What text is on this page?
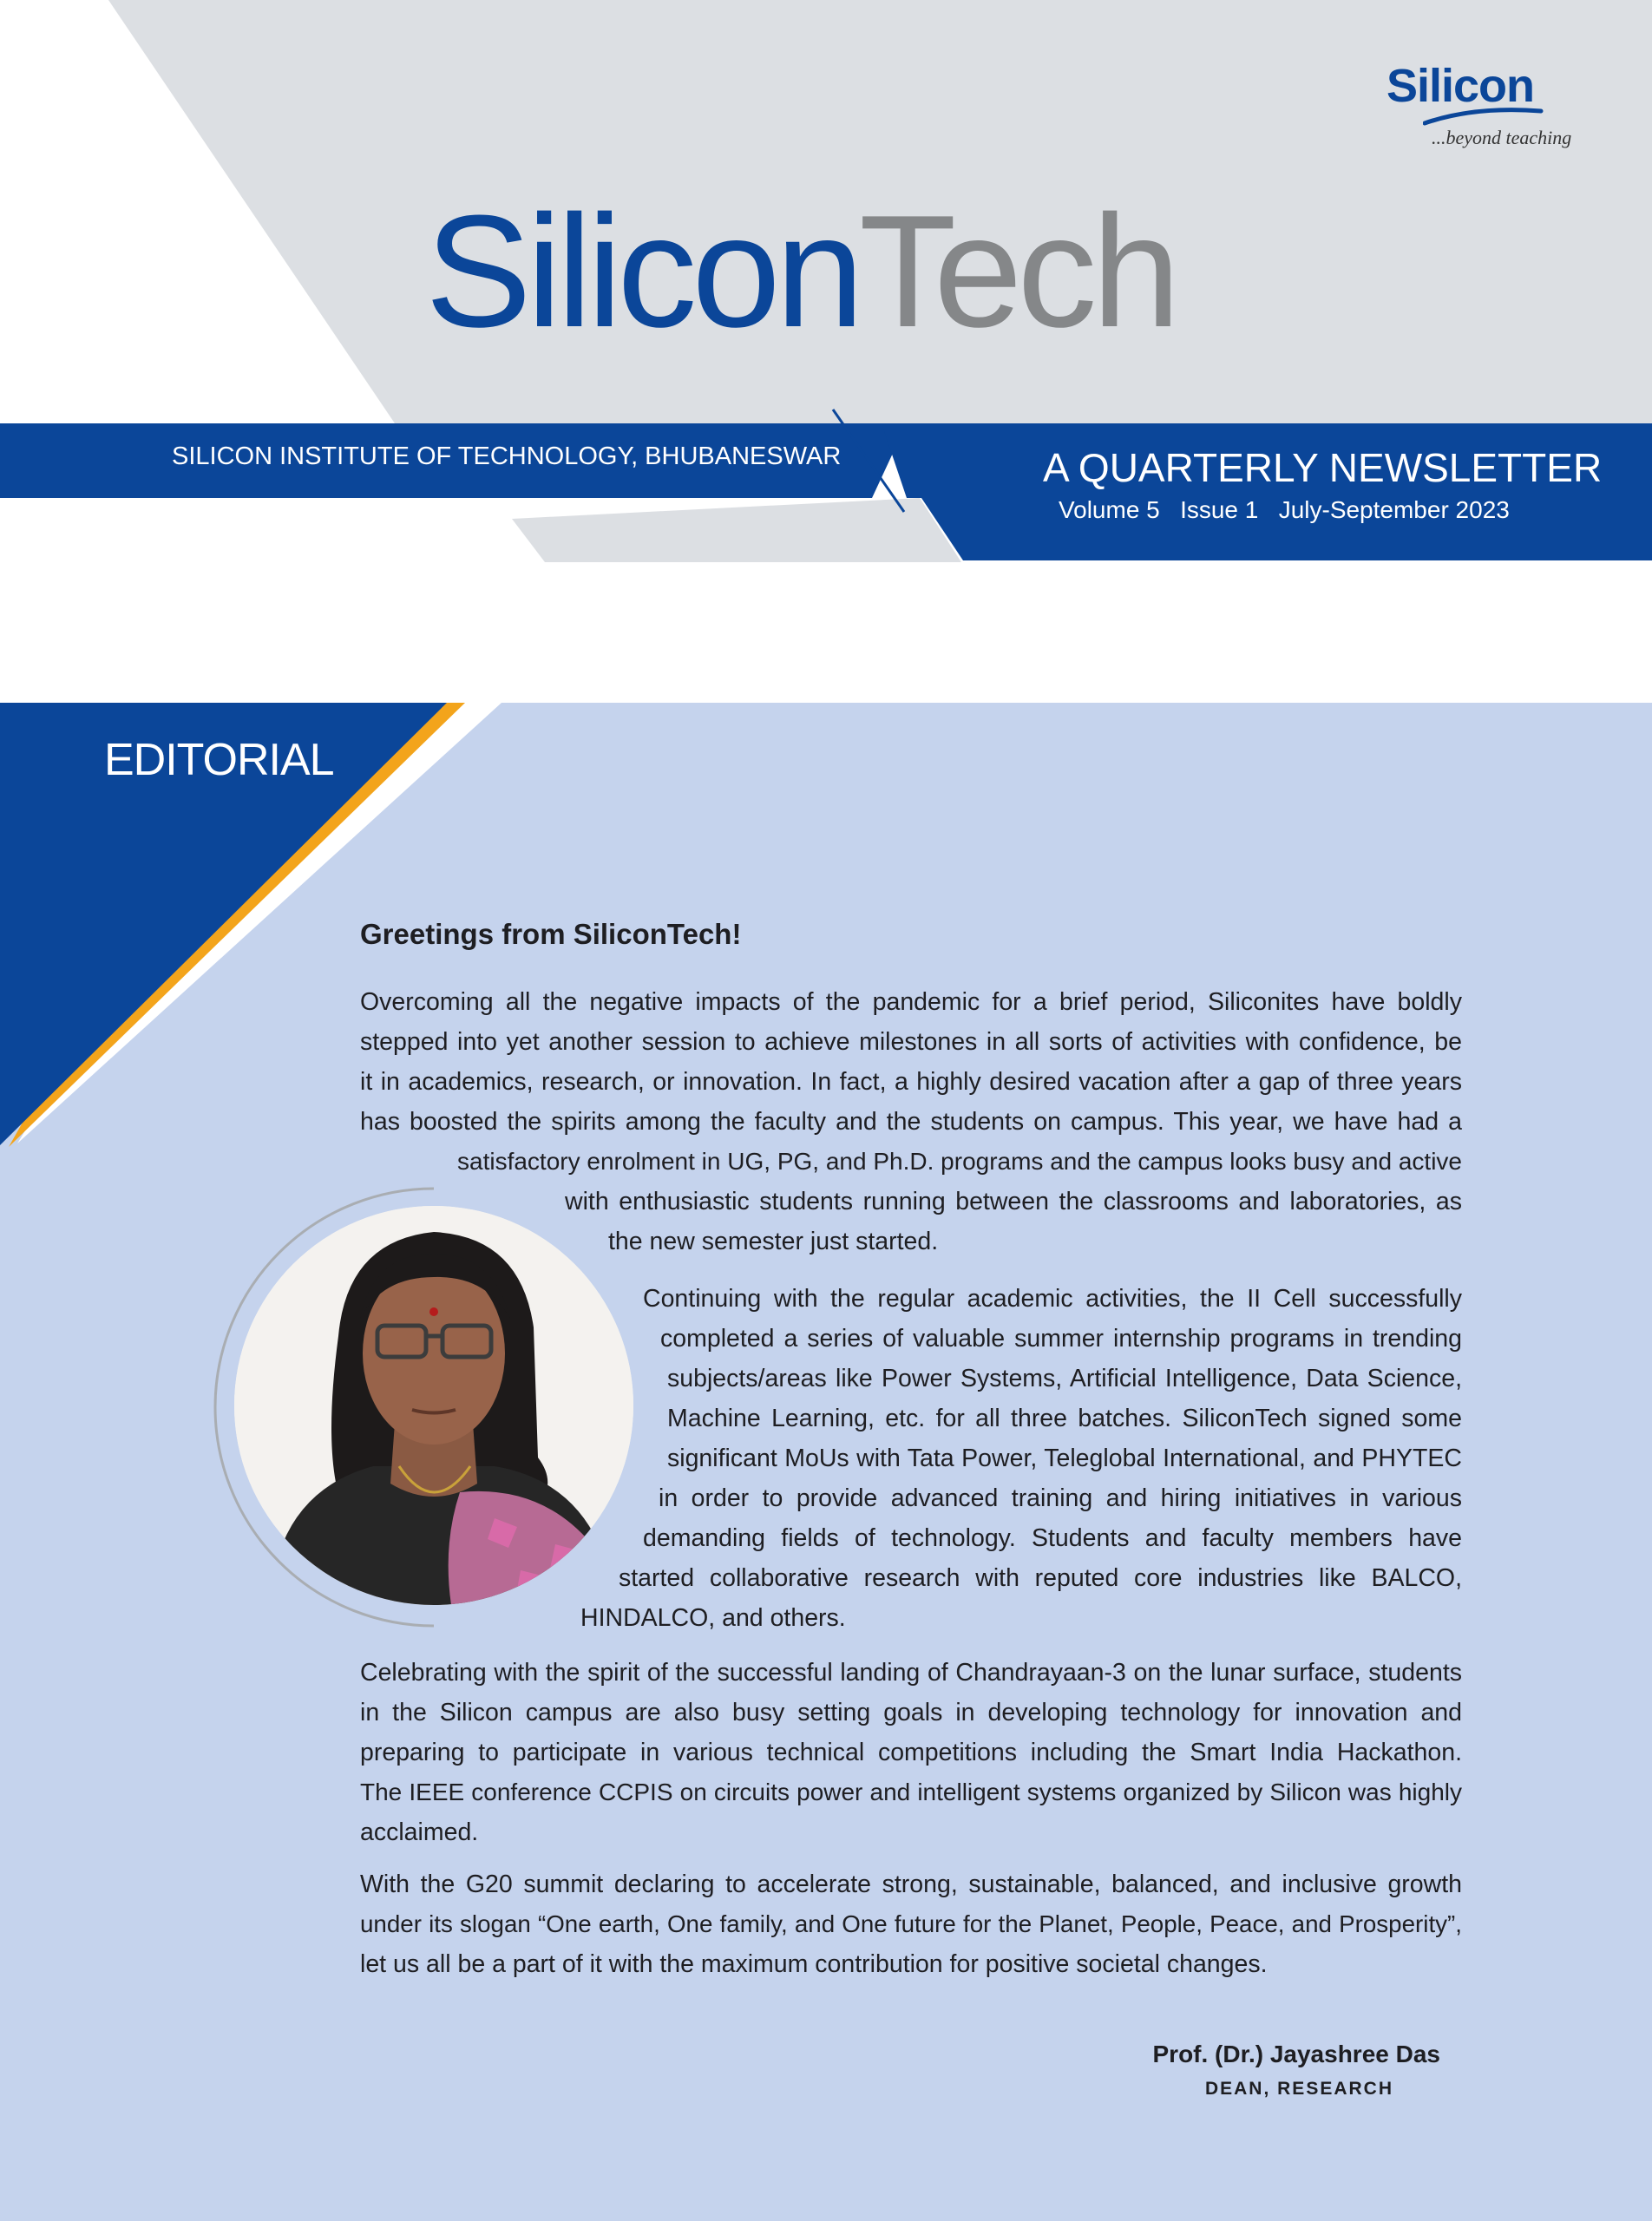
Silicon

...beyond teaching

SiliconTech

SILICON INSTITUTE OF TECHNOLOGY, BHUBANESWAR	A QUARTERLY NEWSLETTER

Volume 5   Issue 1   July-September 2023

EDITORIAL
Greetings from SiliconTech!
Overcoming all the negative impacts of the pandemic for a brief period, Siliconites have boldly
stepped into yet another session to achieve milestones in all sorts of activities with confidence, be
it in academics, research, or innovation. In fact, a highly desired vacation after a gap of three years
has boosted the spirits among the faculty and the students on campus. This year, we have had a
satisfactory enrolment in UG, PG, and Ph.D. programs and the campus looks busy and active
with enthusiastic students running between the classrooms and laboratories, as
the new semester just started.
Continuing with the regular academic activities, the II Cell successfully
completed a series of valuable summer internship programs in trending
subjects/areas like Power Systems, Artificial Intelligence, Data Science,
Machine Learning, etc. for all three batches. SiliconTech signed some
significant MoUs with Tata Power, Teleglobal International, and PHYTEC
in order to provide advanced training and hiring initiatives in various
demanding fields of technology. Students and faculty members have
started collaborative research with reputed core industries like BALCO,
HINDALCO, and others.
Celebrating with the spirit of the successful landing of Chandrayaan-3 on the lunar surface, students
in the Silicon campus are also busy setting goals in developing technology for innovation and
preparing to participate in various technical competitions including the Smart India Hackathon.
The IEEE conference CCPIS on circuits power and intelligent systems organized by Silicon was highly
acclaimed.
With the G20 summit declaring to accelerate strong, sustainable, balanced, and inclusive growth
under its slogan “One earth, One family, and One future for the Planet, People, Peace, and Prosperity”,
let us all be a part of it with the maximum contribution for positive societal changes.

Prof. (Dr.) Jayashree Das

DEAN, RESEARCH
